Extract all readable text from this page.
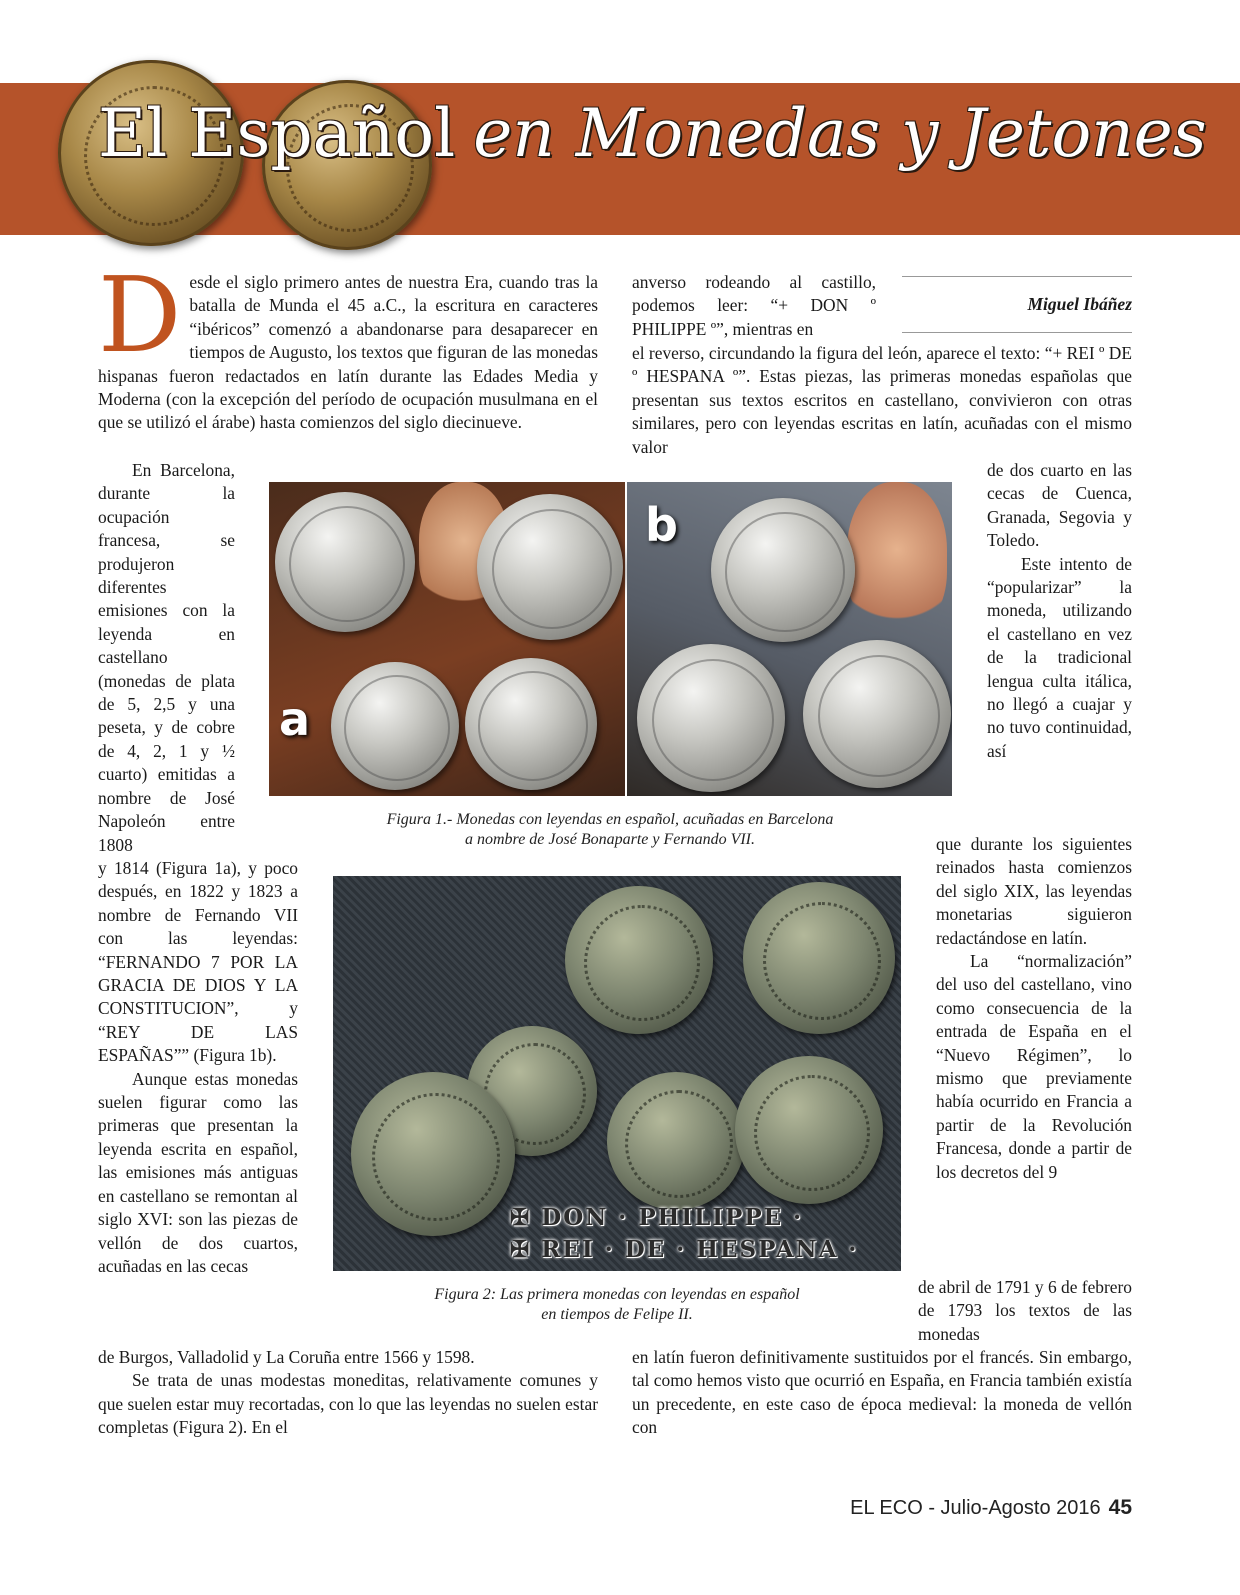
El Español en Monedas y Jetones
Miguel Ibáñez

Desde el siglo primero antes de nuestra Era, cuando tras la batalla de Munda el 45 a.C., la escritura en caracteres “ibéricos” comenzó a abandonarse para desaparecer en tiempos de Augusto, los textos que figuran de las monedas hispanas fueron redactados en latín durante las Edades Media y Moderna (con la excepción del período de ocupación musulmana en el que se utilizó el árabe) hasta comienzos del siglo diecinueve.

En Barcelona, durante la ocupación francesa, se produjeron diferentes emisiones con la leyenda en castellano (monedas de plata de 5, 2,5 y una peseta, y de cobre de 4, 2, 1 y ½ cuarto) emitidas a nombre de José Napoleón entre 1808

y 1814 (Figura 1a), y poco después, en 1822 y 1823 a nombre de Fernando VII con las leyendas: “FERNANDO 7 POR LA GRACIA DE DIOS Y LA CONSTITUCION”, y “REY DE LAS ESPAÑAS”” (Figura 1b).

Aunque estas monedas suelen figurar como las primeras que presentan la leyenda escrita en español, las emisiones más antiguas en castellano se remontan al siglo XVI: son las piezas de vellón de dos cuartos, acuñadas en las cecas

de Burgos, Valladolid y La Coruña entre 1566 y 1598.

Se trata de unas modestas moneditas, relativamente comunes y que suelen estar muy recortadas, con lo que las leyendas no suelen estar completas (Figura 2). En el

anverso rodeando al castillo, podemos leer: “+ DON º PHILIPPE º”, mientras en

el reverso, circundando la figura del león, aparece el texto: “+ REI º DE º HESPANA º”. Estas piezas, las primeras monedas españolas que presentan sus textos escritos en castellano, convivieron con otras similares, pero con leyendas escritas en latín, acuñadas con el mismo valor

de dos cuarto en las cecas de Cuenca, Granada, Segovia y Toledo.

Este intento de “popularizar” la moneda, utilizando el castellano en vez de la tradicional lengua culta itálica, no llegó a cuajar y no tuvo continuidad, así

que durante los siguientes reinados hasta comienzos del siglo XIX, las leyendas monetarias siguieron redactándose en latín.

La “normalización” del uso del castellano, vino como consecuencia de la entrada de España en el “Nuevo Régimen”, lo mismo que previamente había ocurrido en Francia a partir de la Revolución Francesa, donde a partir de los decretos del 9

de abril de 1791 y 6 de febrero de 1793 los textos de las monedas

en latín fueron definitivamente sustituidos por el francés. Sin embargo, tal como hemos visto que ocurrió en España, en Francia también existía un precedente, en este caso de época medieval: la moneda de vellón con

a
b
Figura 1.- Monedas con leyendas en español, acuñadas en Barcelona
a nombre de José Bonaparte y Fernando VII.
✠ DON · PHILIPPE ·
✠ REI · DE · HESPANA ·
Figura 2: Las primera monedas con leyendas en español
en tiempos de Felipe II.
EL ECO - Julio-Agosto 2016 45
